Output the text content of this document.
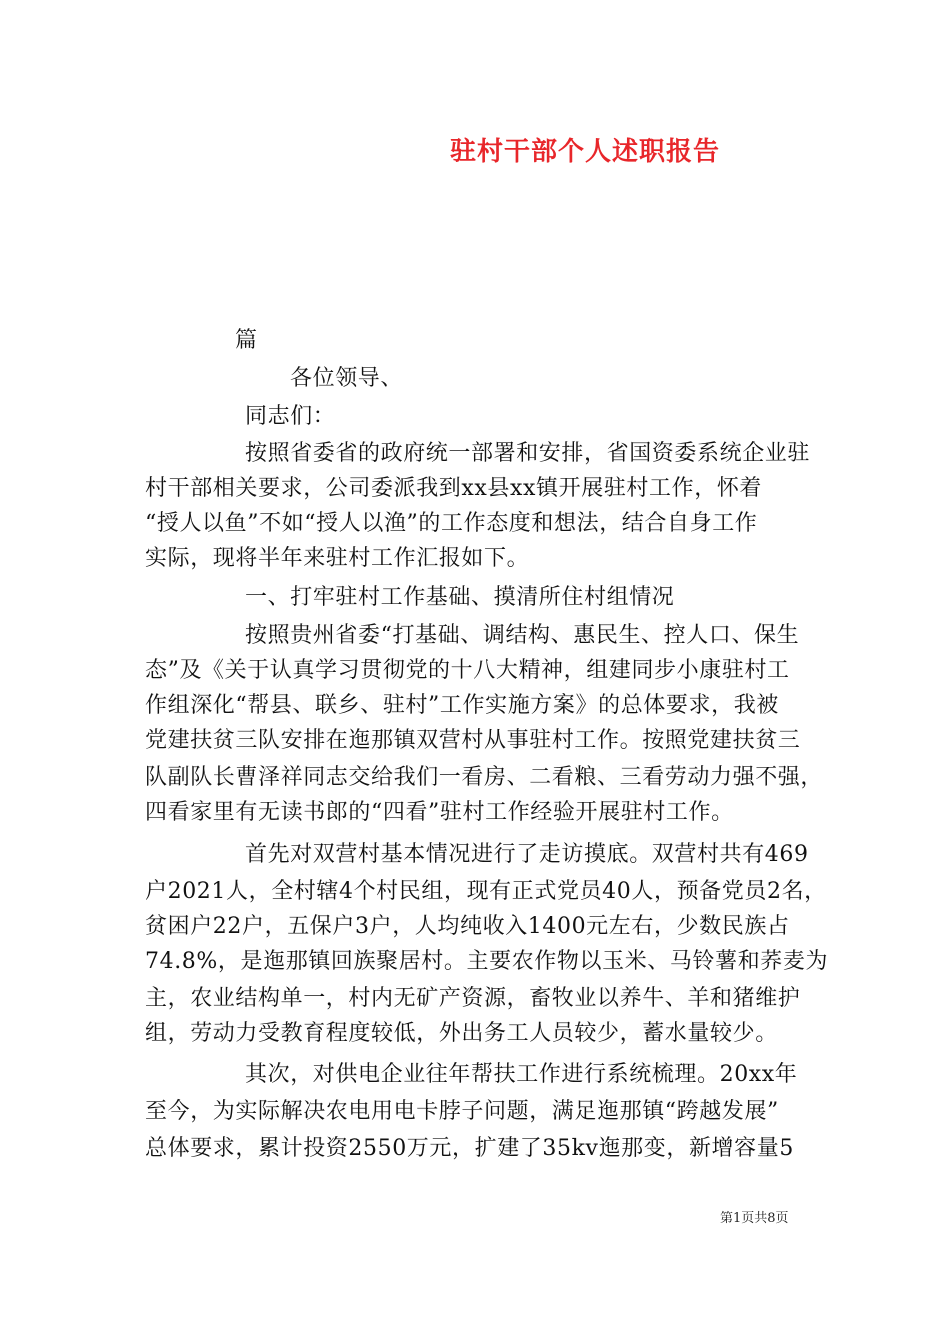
驻村干部个人述职报告
篇
各位领导、
同志们：
按照省委省的政府统一部署和安排，省国资委系统企业驻
村干部相关要求，公司委派我到xx县xx镇开展驻村工作，怀着
“授人以鱼”不如“授人以渔”的工作态度和想法，结合自身工作
实际，现将半年来驻村工作汇报如下。
一、打牢驻村工作基础、摸清所住村组情况
按照贵州省委“打基础、调结构、惠民生、控人口、保生
态”及《关于认真学习贯彻党的十八大精神，组建同步小康驻村工
作组深化“帮县、联乡、驻村”工作实施方案》的总体要求，我被
党建扶贫三队安排在迤那镇双营村从事驻村工作。按照党建扶贫三
队副队长曹泽祥同志交给我们一看房、二看粮、三看劳动力强不强，
四看家里有无读书郎的“四看”驻村工作经验开展驻村工作。
首先对双营村基本情况进行了走访摸底。双营村共有469
户2021人，全村辖4个村民组，现有正式党员40人，预备党员2名，
贫困户22户，五保户3户，人均纯收入1400元左右，少数民族占
74.8%，是迤那镇回族聚居村。主要农作物以玉米、马铃薯和荞麦为
主，农业结构单一，村内无矿产资源，畜牧业以养牛、羊和猪维护
组，劳动力受教育程度较低，外出务工人员较少，蓄水量较少。
其次，对供电企业往年帮扶工作进行系统梳理。20xx年
至今，为实际解决农电用电卡脖子问题，满足迤那镇“跨越发展”
总体要求，累计投资2550万元，扩建了35kv迤那变，新增容量5
第1页共8页
